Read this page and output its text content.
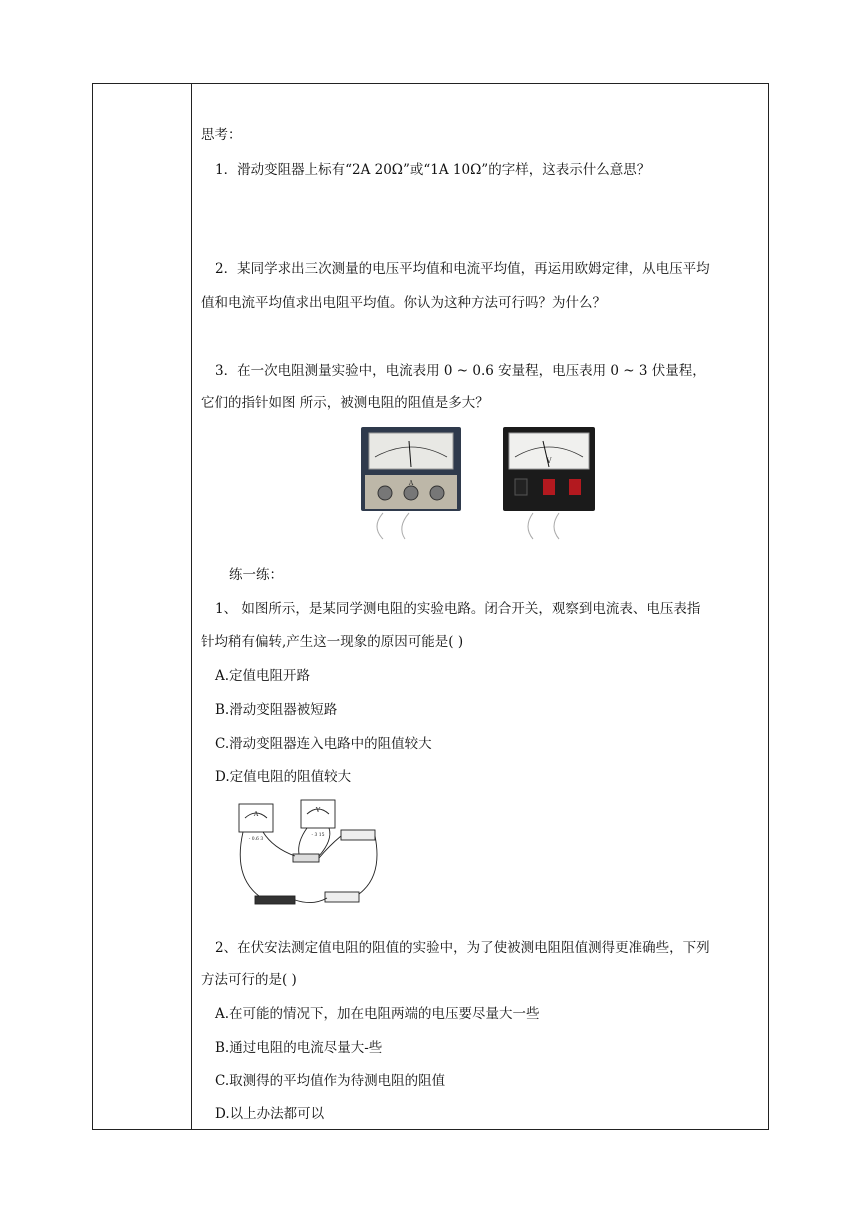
思考：
1．滑动变阻器上标有“2A 20Ω”或“1A 10Ω”的字样，这表示什么意思？
2．某同学求出三次测量的电压平均值和电流平均值，再运用欧姆定律，从电压平均
值和电流平均值求出电阻平均值。你认为这种方法可行吗？为什么？
3．在一次电阻测量实验中，电流表用 0 ~ 0.6 安量程，电压表用 0 ~ 3 伏量程，
它们的指针如图 所示，被测电阻的阻值是多大？
练一练：
1、 如图所示，是某同学测电阻的实验电路。闭合开关，观察到电流表、电压表指
针均稍有偏转,产生这一现象的原因可能是( )
A.定值电阻开路
B.滑动变阻器被短路
C.滑动变阻器连入电路中的阻值较大
D.定值电阻的阻值较大
2、在伏安法测定值电阻的阻值的实验中，为了使被测电阻阻值测得更准确些，下列
方法可行的是( )
A.在可能的情况下，加在电阻两端的电压要尽量大一些
B.通过电阻的电流尽量大-些
C.取测得的平均值作为待测电阻的阻值
D.以上办法都可以
A
V
A
V
- 0.6 3
- 3 15
